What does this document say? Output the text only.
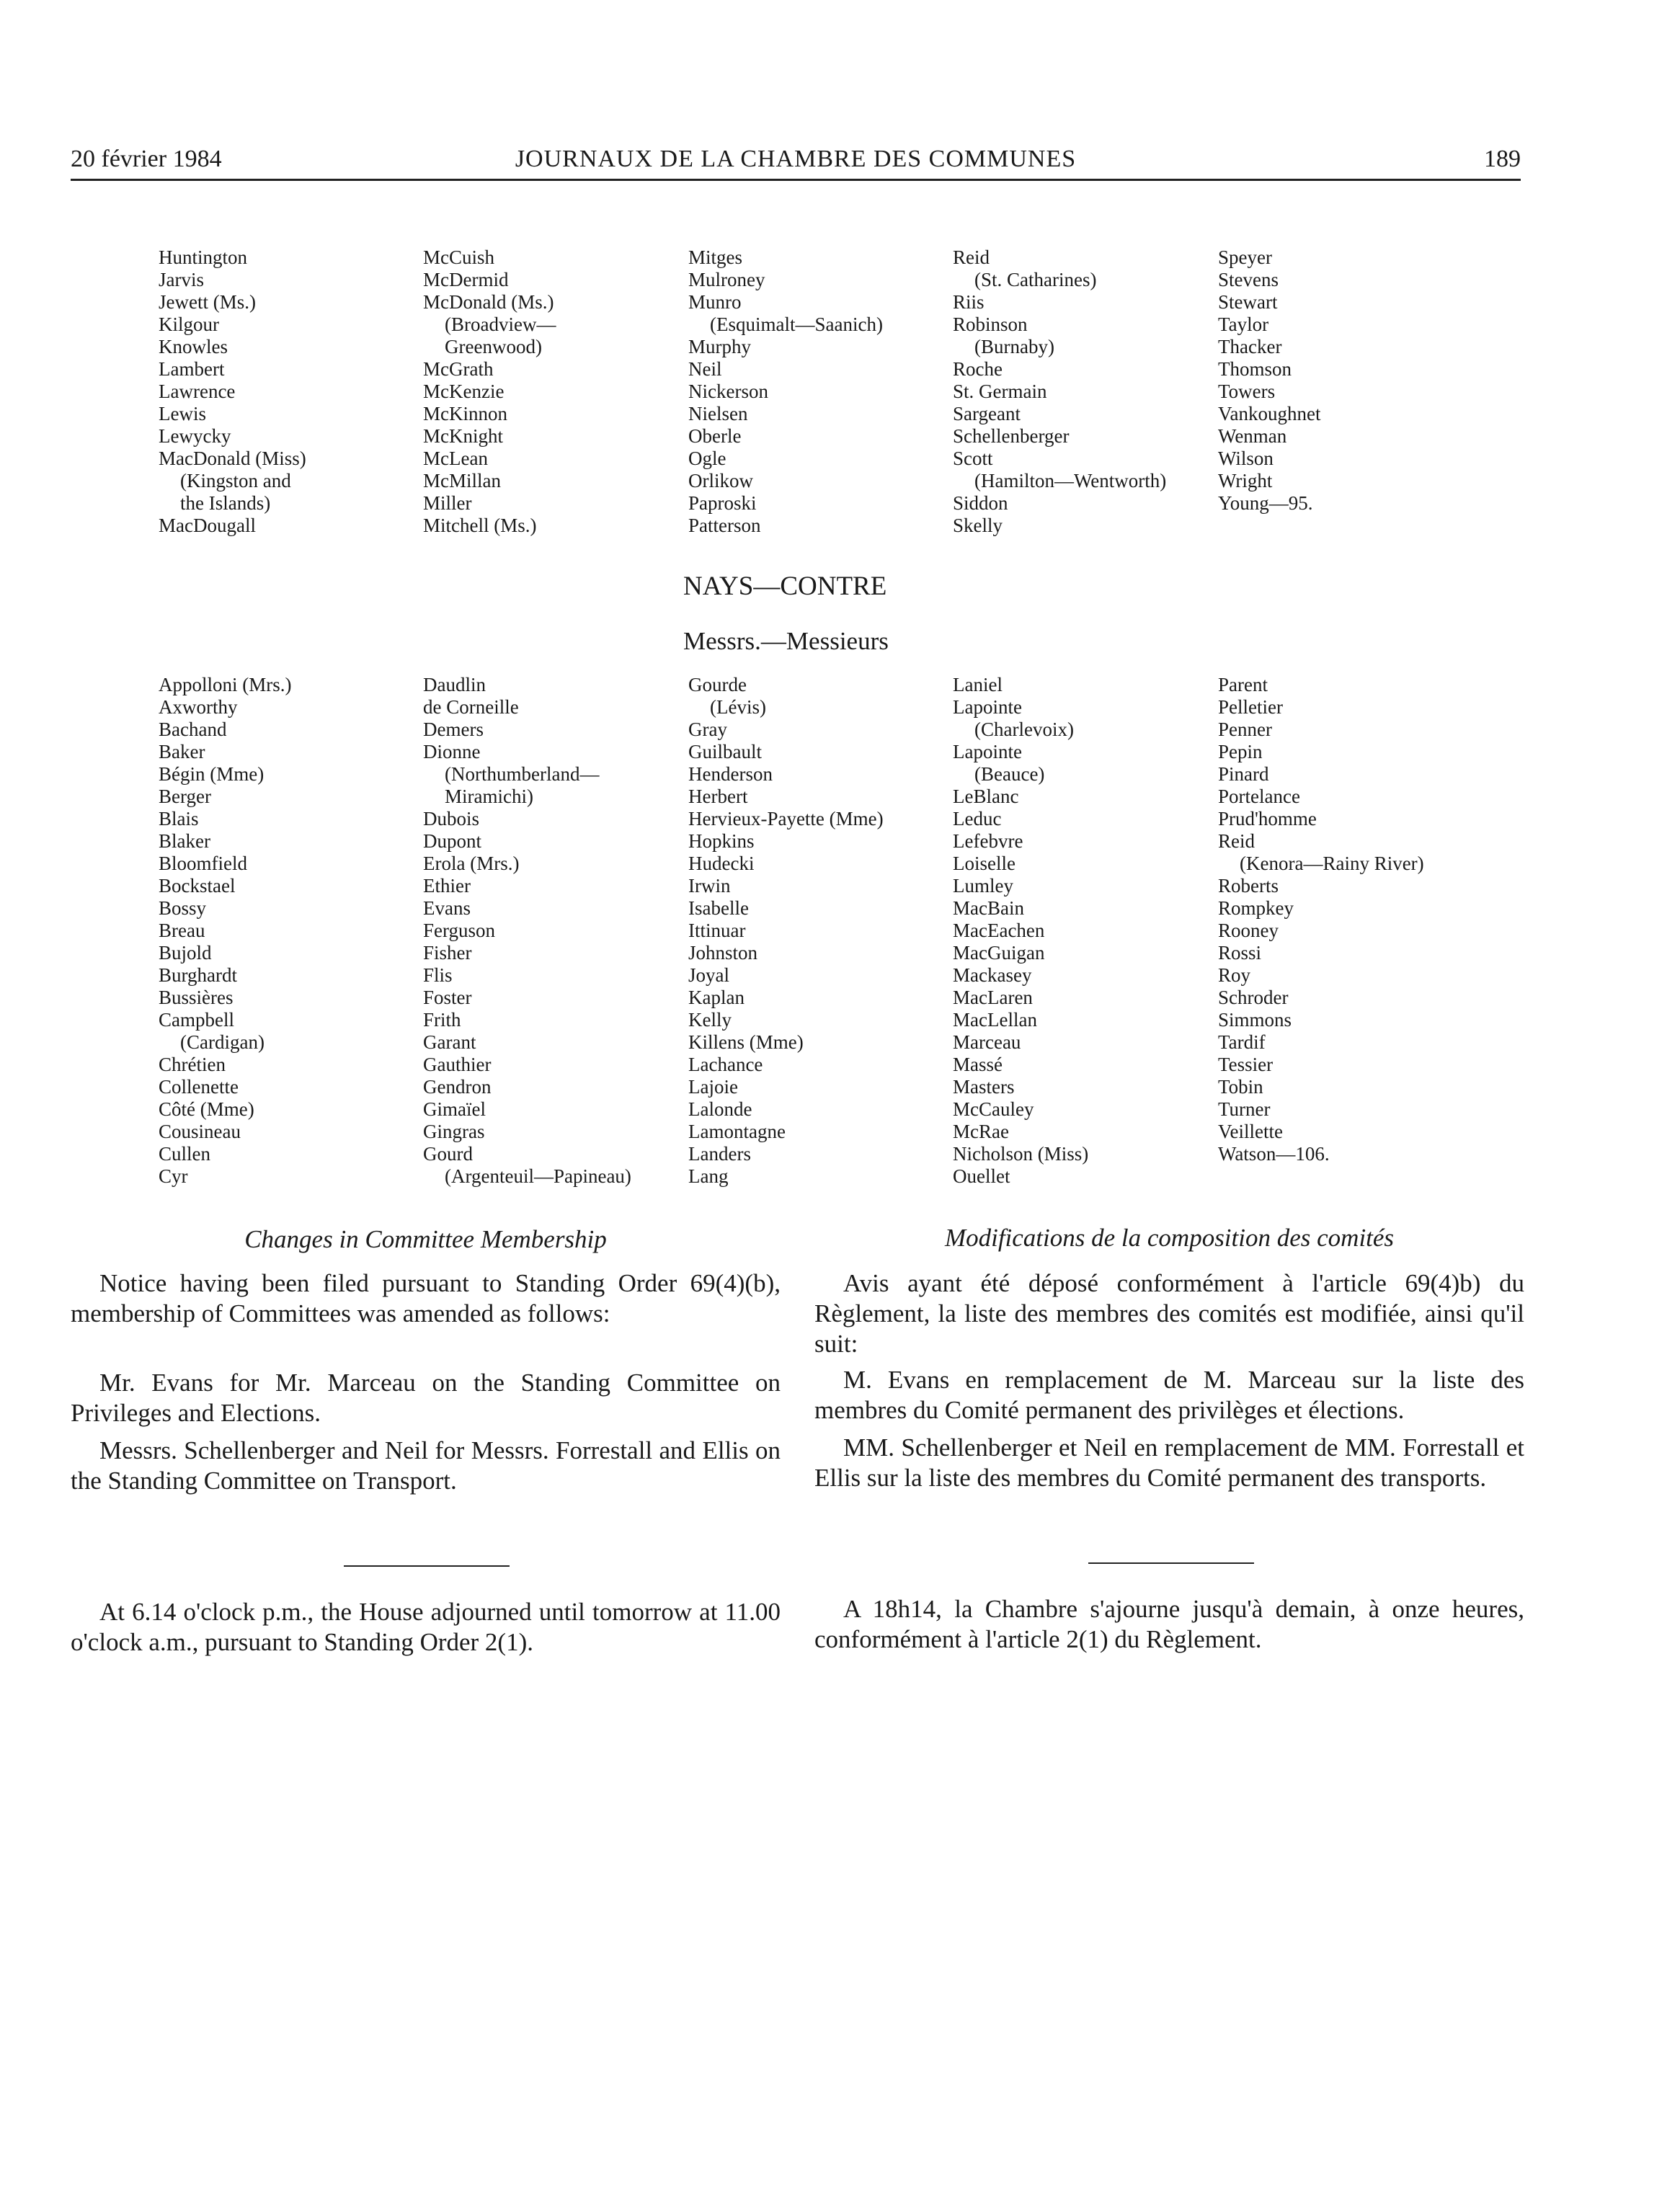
20 février 1984	JOURNAUX DE LA CHAMBRE DES COMMUNES	189
Huntington
Jarvis
Jewett (Ms.)
Kilgour
Knowles
Lambert
Lawrence
Lewis
Lewycky
MacDonald (Miss)
(Kingston and
the Islands)
MacDougall
McCuish
McDermid
McDonald (Ms.)
(Broadview—
Greenwood)
McGrath
McKenzie
McKinnon
McKnight
McLean
McMillan
Miller
Mitchell (Ms.)
Mitges
Mulroney
Munro
(Esquimalt—Saanich)
Murphy
Neil
Nickerson
Nielsen
Oberle
Ogle
Orlikow
Paproski
Patterson
Reid
(St. Catharines)
Riis
Robinson
(Burnaby)
Roche
St. Germain
Sargeant
Schellenberger
Scott
(Hamilton—Wentworth)
Siddon
Skelly
Speyer
Stevens
Stewart
Taylor
Thacker
Thomson
Towers
Vankoughnet
Wenman
Wilson
Wright
Young—95.
NAYS—CONTRE
Messrs.—Messieurs
Appolloni (Mrs.)
Axworthy
Bachand
Baker
Bégin (Mme)
Berger
Blais
Blaker
Bloomfield
Bockstael
Bossy
Breau
Bujold
Burghardt
Bussières
Campbell
(Cardigan)
Chrétien
Collenette
Côté (Mme)
Cousineau
Cullen
Cyr
Daudlin
de Corneille
Demers
Dionne
(Northumberland—
Miramichi)
Dubois
Dupont
Erola (Mrs.)
Ethier
Evans
Ferguson
Fisher
Flis
Foster
Frith
Garant
Gauthier
Gendron
Gimaïel
Gingras
Gourd
(Argenteuil—Papineau)
Gourde
(Lévis)
Gray
Guilbault
Henderson
Herbert
Hervieux-Payette (Mme)
Hopkins
Hudecki
Irwin
Isabelle
Ittinuar
Johnston
Joyal
Kaplan
Kelly
Killens (Mme)
Lachance
Lajoie
Lalonde
Lamontagne
Landers
Lang
Laniel
Lapointe
(Charlevoix)
Lapointe
(Beauce)
LeBlanc
Leduc
Lefebvre
Loiselle
Lumley
MacBain
MacEachen
MacGuigan
Mackasey
MacLaren
MacLellan
Marceau
Massé
Masters
McCauley
McRae
Nicholson (Miss)
Ouellet
Parent
Pelletier
Penner
Pepin
Pinard
Portelance
Prud'homme
Reid
(Kenora—Rainy River)
Roberts
Rompkey
Rooney
Rossi
Roy
Schroder
Simmons
Tardif
Tessier
Tobin
Turner
Veillette
Watson—106.
Changes in Committee Membership

Notice having been filed pursuant to Standing Order 69(4)(b), membership of Committees was amended as follows:

Mr. Evans for Mr. Marceau on the Standing Committee on Privileges and Elections.

Messrs. Schellenberger and Neil for Messrs. Forrestall and Ellis on the Standing Committee on Transport.

At 6.14 o'clock p.m., the House adjourned until tomorrow at 11.00 o'clock a.m., pursuant to Standing Order 2(1).

Modifications de la composition des comités

Avis ayant été déposé conformément à l'article 69(4)b) du Règlement, la liste des membres des comités est modifiée, ainsi qu'il suit:

M. Evans en remplacement de M. Marceau sur la liste des membres du Comité permanent des privilèges et élections.

MM. Schellenberger et Neil en remplacement de MM. Forrestall et Ellis sur la liste des membres du Comité permanent des transports.

A 18h14, la Chambre s'ajourne jusqu'à demain, à onze heures, conformément à l'article 2(1) du Règlement.
